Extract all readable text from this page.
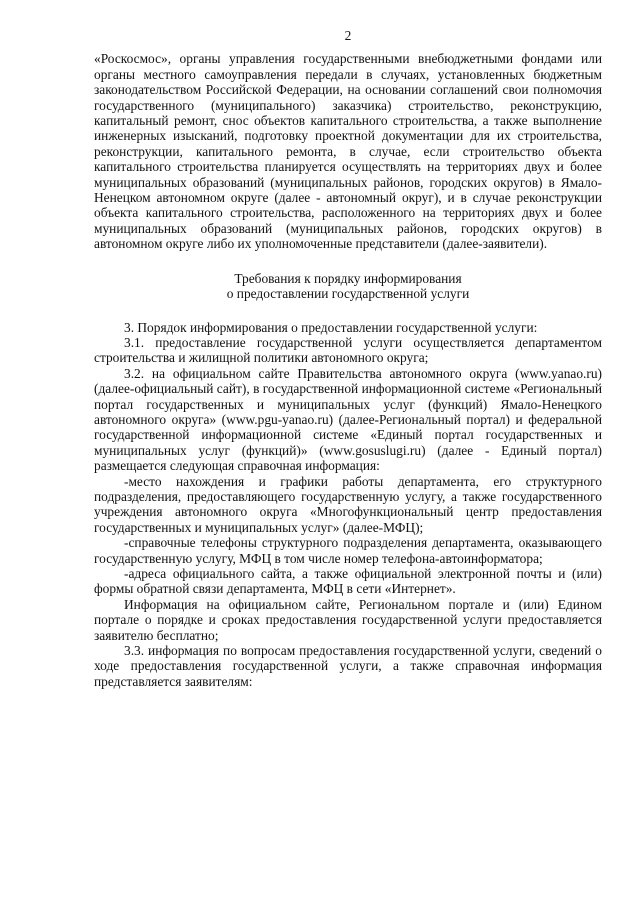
2

«Роскосмос», органы управления государственными внебюджетными фондами или органы местного самоуправления передали в случаях, установленных бюджетным законодательством Российской Федерации, на основании соглашений свои полномочия государственного (муниципального) заказчика) строительство, реконструкцию, капитальный ремонт, снос объектов капитального строительства, а также выполнение инженерных изысканий, подготовку проектной документации для их строительства, реконструкции, капитального ремонта, в случае, если строительство объекта капитального строительства планируется осуществлять на территориях двух и более муниципальных образований (муниципальных районов, городских округов) в Ямало-Ненецком автономном округе (далее - автономный округ), и в случае реконструкции объекта капитального строительства, расположенного на территориях двух и более муниципальных образований (муниципальных районов, городских округов) в автономном округе либо их уполномоченные представители (далее-заявители).

Требования к порядку информирования

о предоставлении государственной услуги

3. Порядок информирования о предоставлении государственной услуги:

3.1. предоставление государственной услуги осуществляется департаментом строительства и жилищной политики автономного округа;

3.2. на официальном сайте Правительства автономного округа (www.yanao.ru) (далее-официальный сайт), в государственной информационной системе «Региональный портал государственных и муниципальных услуг (функций) Ямало-Ненецкого автономного округа» (www.pgu-yanao.ru) (далее-Региональный портал) и федеральной государственной информационной системе «Единый портал государственных и муниципальных услуг (функций)» (www.gosuslugi.ru) (далее - Единый портал) размещается следующая справочная информация:

-место нахождения и графики работы департамента, его структурного подразделения, предоставляющего государственную услугу, а также государственного учреждения автономного округа «Многофункциональный центр предоставления государственных и муниципальных услуг» (далее-МФЦ);

-справочные телефоны структурного подразделения департамента, оказывающего государственную услугу, МФЦ в том числе номер телефона-автоинформатора;

-адреса официального сайта, а также официальной электронной почты и (или) формы обратной связи департамента, МФЦ в сети «Интернет».

Информация на официальном сайте, Региональном портале и (или) Едином портале о порядке и сроках предоставления государственной услуги предоставляется заявителю бесплатно;

3.3. информация по вопросам предоставления государственной услуги, сведений о ходе предоставления государственной услуги, а также справочная информация представляется заявителям:
